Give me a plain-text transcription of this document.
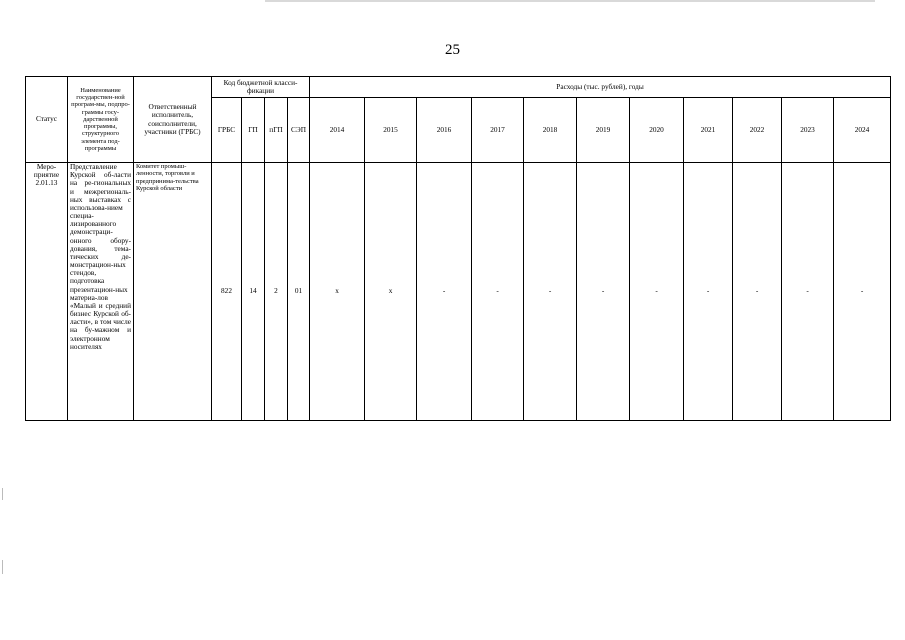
25
Статус	Наименование государствен-ной програм-мы, подпро-граммы госу-дарственной программы, структурного элемента под-программы	Ответственный исполнитель, соисполнители, участники (ГРБС)	Код бюджетной класси-фикации				Расходы (тыс. рублей), годы										
			ГРБС	ГП	пГП	СЭП	2014	2015	2016	2017	2018	2019	2020	2021	2022	2023	2024
Меро-приятие 2.01.13	Представление Курской об-ласти на ре-гиональных и межрегиональ-ных выставках с использова-нием специа-лизированного демонстраци-онного обору-дования, тема-тических де-монстрацион-ных стендов, подготовка презентацион-ных материа-лов «Малый и средний бизнес Курской об-ласти», в том числе на бу-мажном и электронном носителях	Комитет промыш-ленности, торговли и предпринима-тельства Курской области	822	14	2	01	х	х	-	-	-	-	-	-	-	-	-
